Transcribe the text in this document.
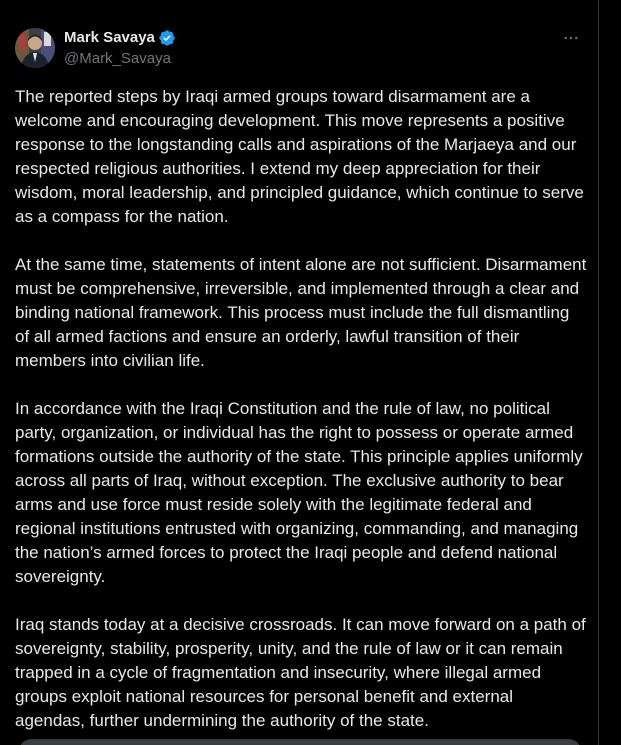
Mark Savaya
@Mark_Savaya

The reported steps by Iraqi armed groups toward disarmament are a welcome and encouraging development. This move represents a positive response to the longstanding calls and aspirations of the Marjaeya and our respected religious authorities. I extend my deep appreciation for their wisdom, moral leadership, and principled guidance, which continue to serve as a compass for the nation.

At the same time, statements of intent alone are not sufficient. Disarmament must be comprehensive, irreversible, and implemented through a clear and binding national framework. This process must include the full dismantling of all armed factions and ensure an orderly, lawful transition of their members into civilian life.

In accordance with the Iraqi Constitution and the rule of law, no political party, organization, or individual has the right to possess or operate armed formations outside the authority of the state. This principle applies uniformly across all parts of Iraq, without exception. The exclusive authority to bear arms and use force must reside solely with the legitimate federal and regional institutions entrusted with organizing, commanding, and managing the nation’s armed forces to protect the Iraqi people and defend national sovereignty.

Iraq stands today at a decisive crossroads. It can move forward on a path of sovereignty, stability, prosperity, unity, and the rule of law or it can remain trapped in a cycle of fragmentation and insecurity, where illegal armed groups exploit national resources for personal benefit and external agendas, further undermining the authority of the state.
